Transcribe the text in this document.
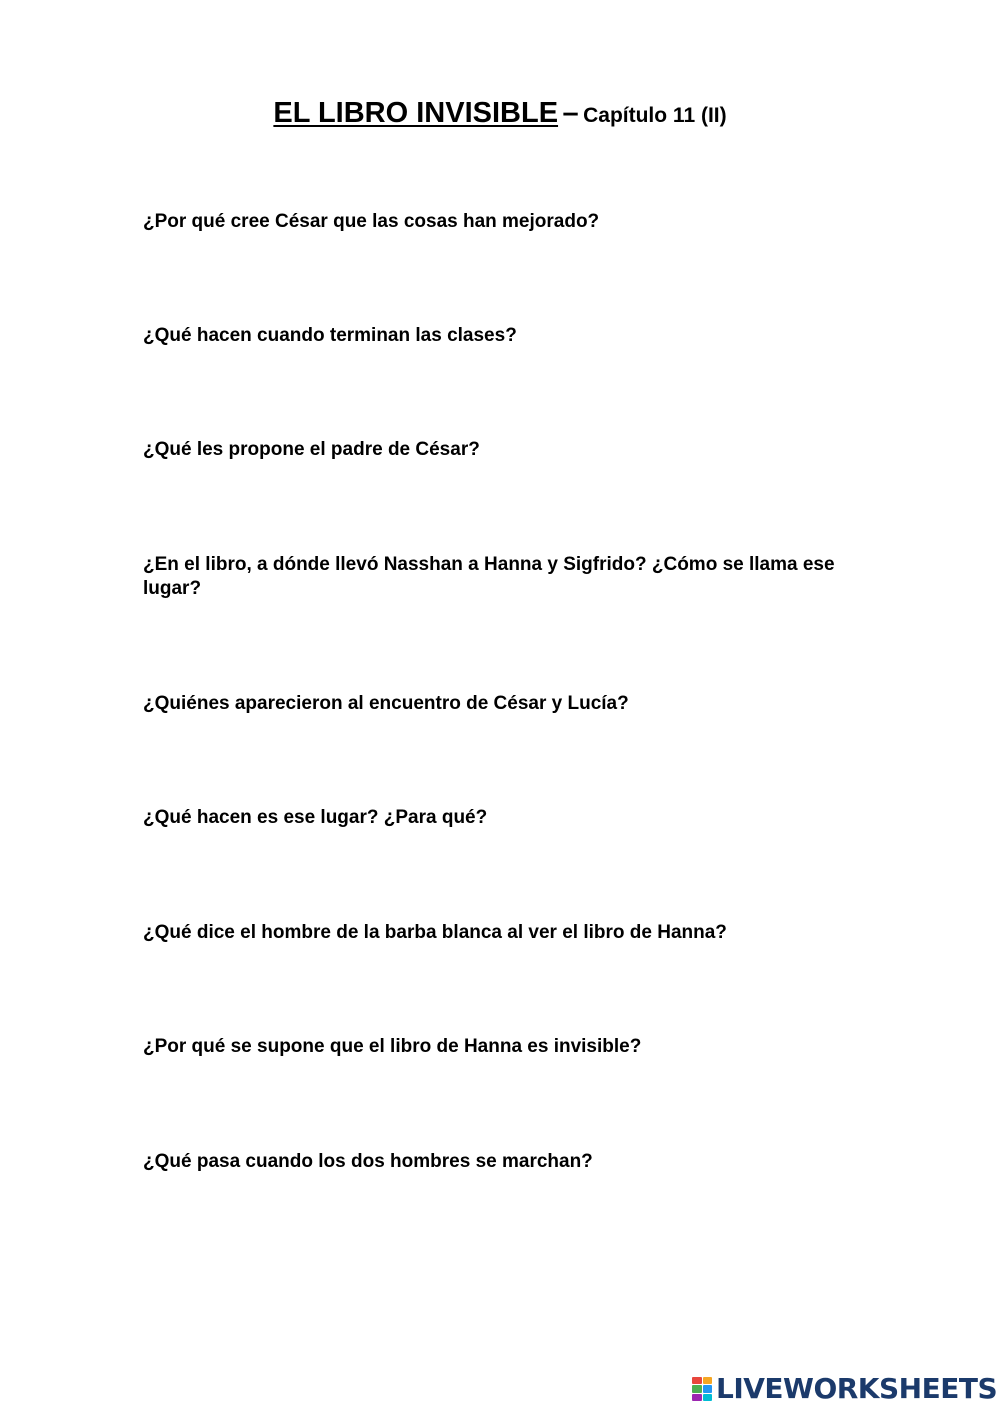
EL LIBRO INVISIBLE – Capítulo 11 (II)

¿Por qué cree César que las cosas han mejorado?

¿Qué hacen cuando terminan las clases?

¿Qué les propone el padre de César?

¿En el libro, a dónde llevó Nasshan a Hanna y Sigfrido? ¿Cómo se llama ese lugar?

¿Quiénes aparecieron al encuentro de César y Lucía?

¿Qué hacen es ese lugar? ¿Para qué?

¿Qué dice el hombre de la barba blanca al ver el libro de Hanna?

¿Por qué se supone que el libro de Hanna es invisible?

¿Qué pasa cuando los dos hombres se marchan?

LIVEWORKSHEETS
